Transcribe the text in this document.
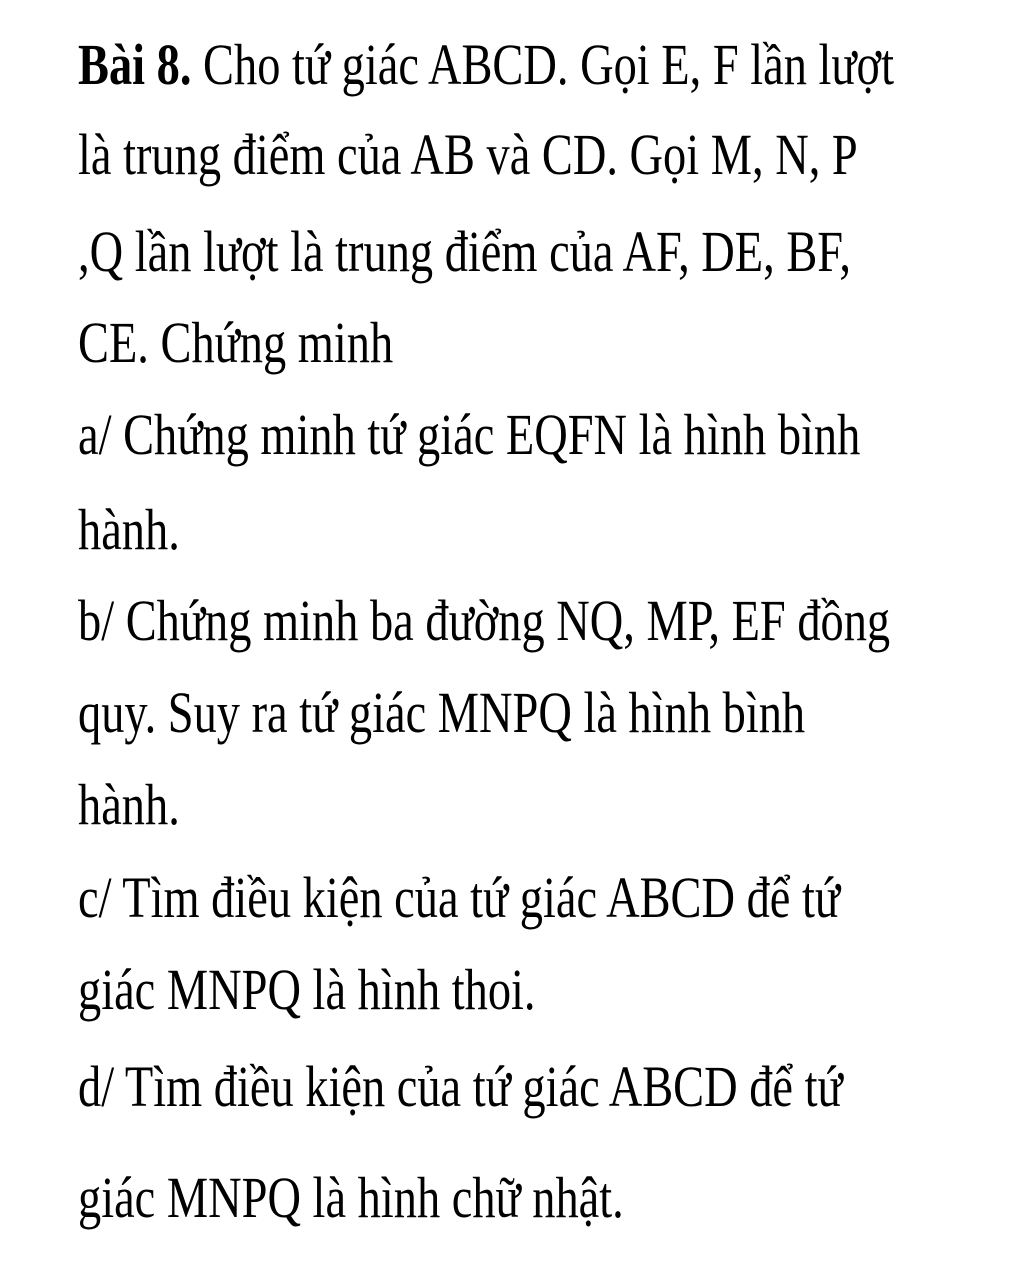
Bài 8. Cho tứ giác ABCD. Gọi E, F lần lượt

là trung điểm của AB và CD. Gọi M, N, P

,Q lần lượt là trung điểm của AF, DE, BF,

CE. Chứng minh

a/ Chứng minh tứ giác EQFN là hình bình

hành.

b/ Chứng minh ba đường NQ, MP, EF đồng

quy. Suy ra tứ giác MNPQ là hình bình

hành.

c/ Tìm điều kiện của tứ giác ABCD để tứ

giác MNPQ là hình thoi.

d/ Tìm điều kiện của tứ giác ABCD để tứ

giác MNPQ là hình chữ nhật.
